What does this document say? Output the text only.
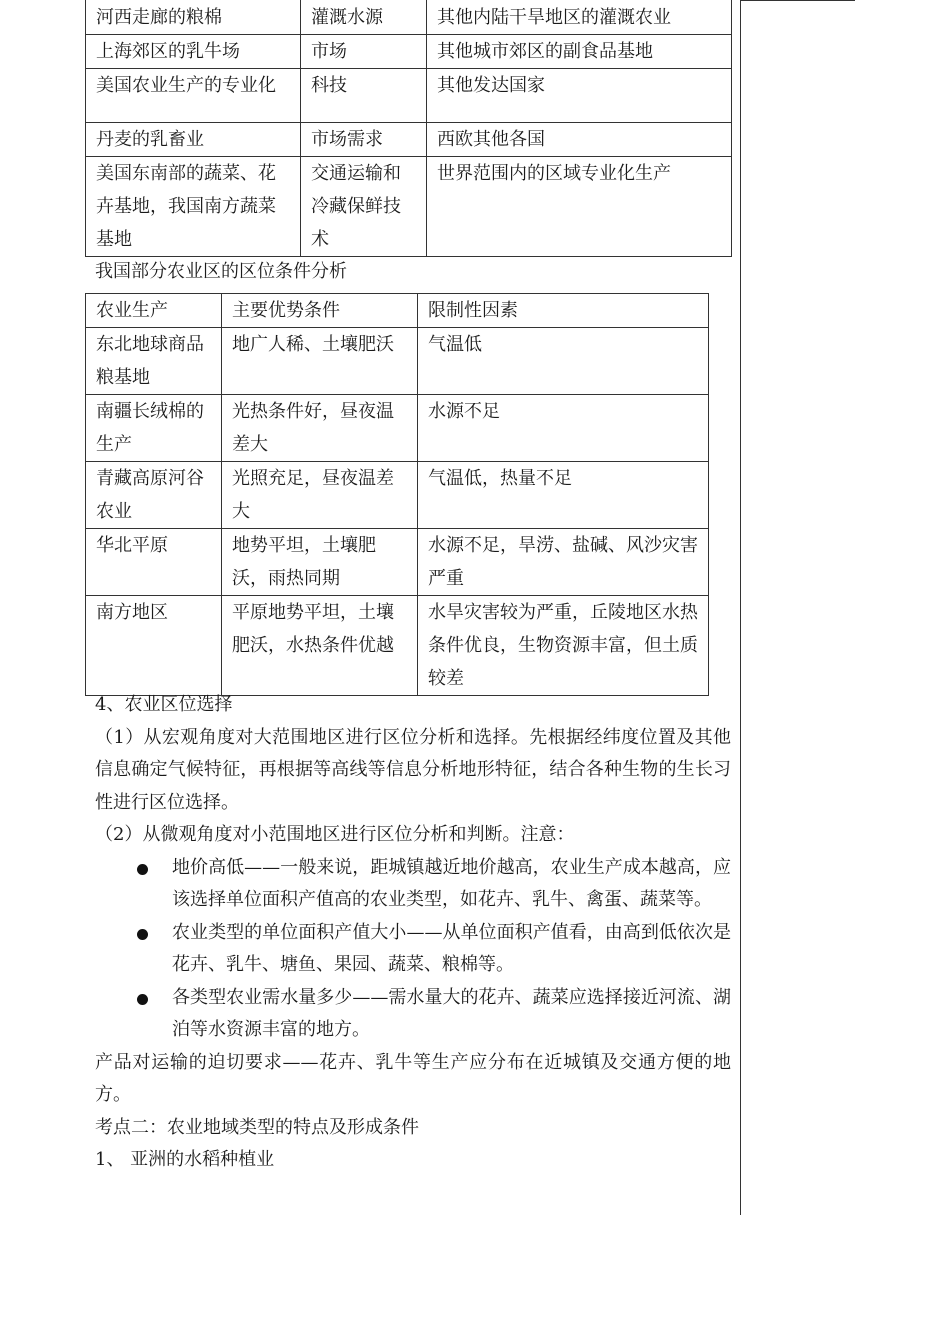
河西走廊的粮棉	灌溉水源	其他内陆干旱地区的灌溉农业
上海郊区的乳牛场	市场	其他城市郊区的副食品基地
美国农业生产的专业化	科技	其他发达国家
丹麦的乳畜业	市场需求	西欧其他各国
美国东南部的蔬菜、花卉基地，我国南方蔬菜基地	交通运输和冷藏保鲜技术	世界范围内的区域专业化生产
我国部分农业区的区位条件分析
农业生产	主要优势条件	限制性因素
东北地球商品粮基地	地广人稀、土壤肥沃	气温低
南疆长绒棉的生产	光热条件好，昼夜温差大	水源不足
青藏高原河谷农业	光照充足，昼夜温差大	气温低，热量不足
华北平原	地势平坦，土壤肥沃，雨热同期	水源不足，旱涝、盐碱、风沙灾害严重
南方地区	平原地势平坦，土壤肥沃，水热条件优越	水旱灾害较为严重，丘陵地区水热条件优良，生物资源丰富，但土质较差

4、农业区位选择

（1）从宏观角度对大范围地区进行区位分析和选择。先根据经纬度位置及其他信息确定气候特征，再根据等高线等信息分析地形特征，结合各种生物的生长习性进行区位选择。

（2）从微观角度对小范围地区进行区位分析和判断。注意：

地价高低——一般来说，距城镇越近地价越高，农业生产成本越高，应该选择单位面积产值高的农业类型，如花卉、乳牛、禽蛋、蔬菜等。
农业类型的单位面积产值大小——从单位面积产值看，由高到低依次是花卉、乳牛、塘鱼、果园、蔬菜、粮棉等。
各类型农业需水量多少——需水量大的花卉、蔬菜应选择接近河流、湖泊等水资源丰富的地方。

产品对运输的迫切要求——花卉、乳牛等生产应分布在近城镇及交通方便的地方。

考点二：农业地域类型的特点及形成条件

1、 亚洲的水稻种植业
